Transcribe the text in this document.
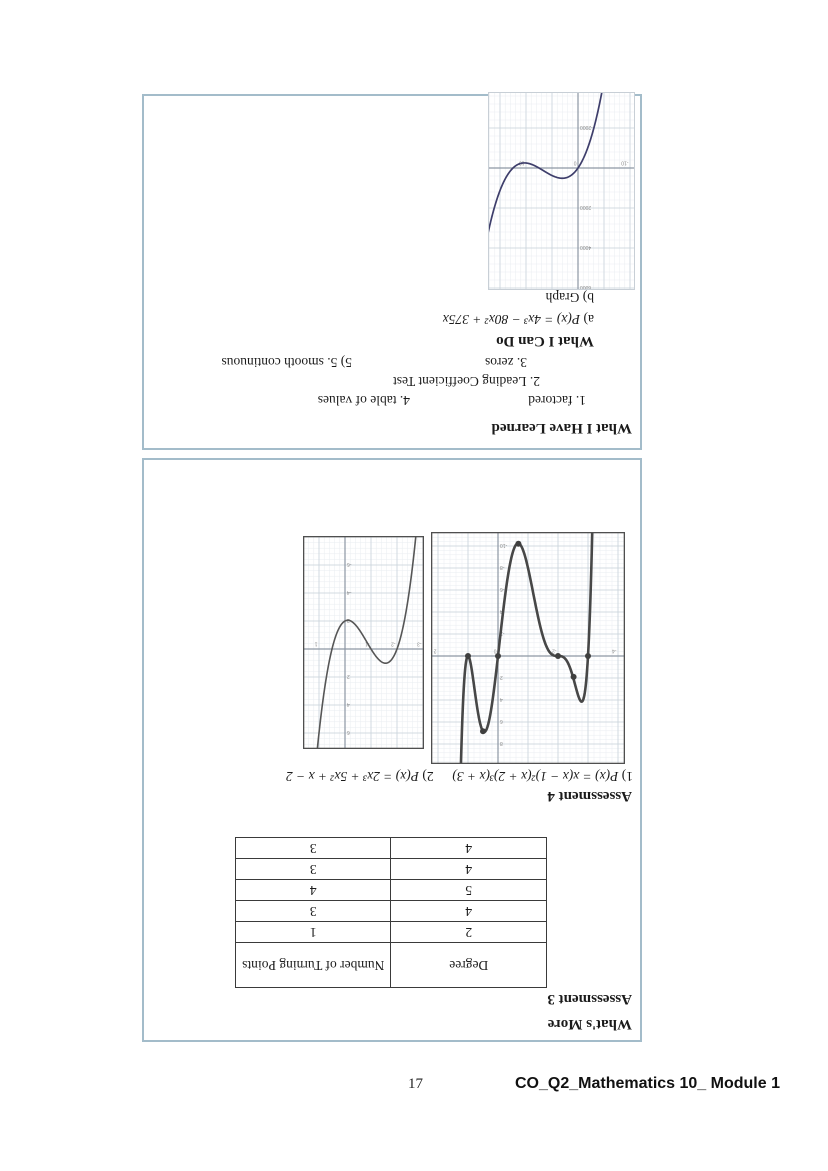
What's More
Assessment 3
Degree	Number of Turning Points
2	1
4	3
5	4
4	3
4	3
Assessment 4
1) P(x) = x(x − 1)²(x + 2)³(x + 3)  2) P(x) = 2x³ + 5x² + x − 2
-4
-2
0
2
8
6
4
2
-2
-4
-6
-8
-10
-3
-2
-1
1
6
4
2
-2
-4
-6
What I Have Learned
1. factored
4. table of values
2. Leading Coefficient Test
3. zeros
5) 5. smooth continuous
What I Can Do
a) P(x) = 4x³ − 80x² + 375x
b) Graph
-10
0
10
6000
4000
2000
-2000
17	CO_Q2_Mathematics 10_ Module 1
